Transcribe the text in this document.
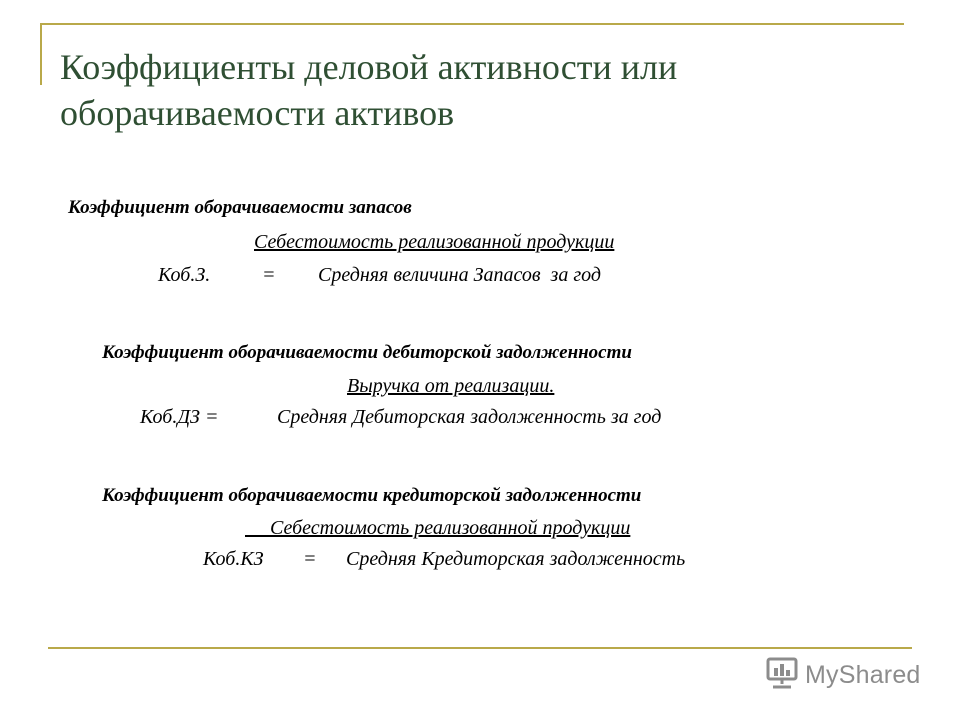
Коэффициенты деловой активности или
оборачиваемости активов
Коэффициент оборачиваемости запасов
Себестоимость реализованной продукции
Коб.З.	= Средняя величина Запасов  за год
Коэффициент оборачиваемости дебиторской задолженности
Выручка от реализации.
Коб.ДЗ =	Средняя Дебиторская задолженность за год
Коэффициент оборачиваемости кредиторской задолженности
Себестоимость реализованной продукции
Коб.КЗ = Средняя Кредиторская задолженность
MyShared
